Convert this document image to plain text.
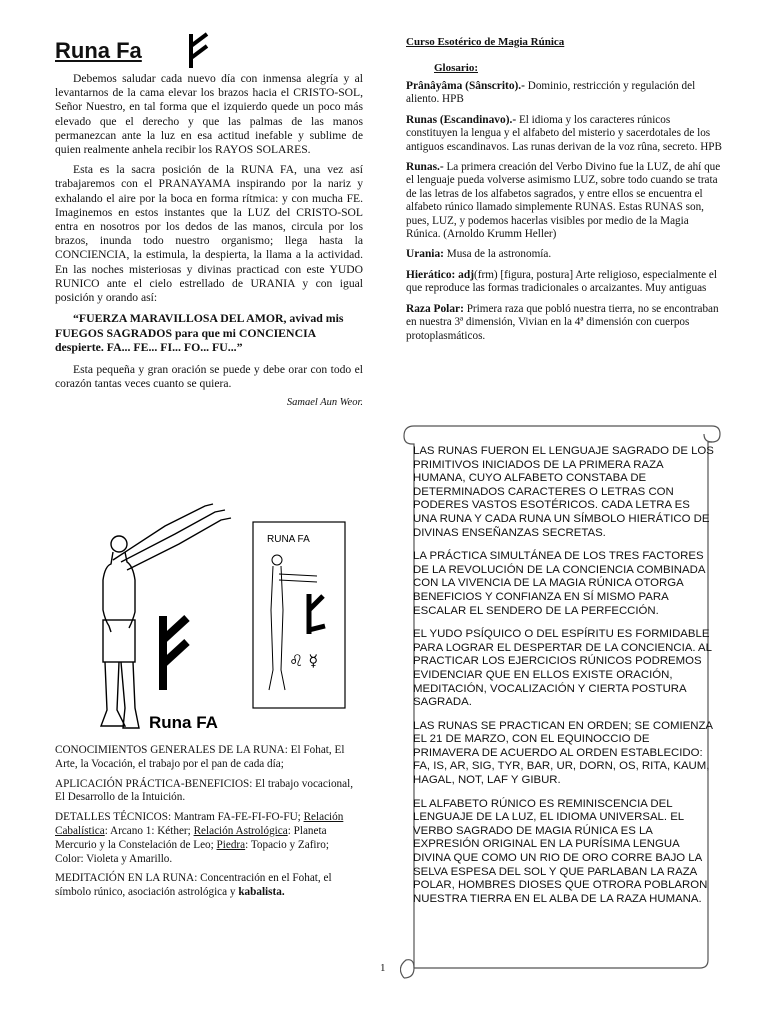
Runa Fa

Debemos saludar cada nuevo día con inmensa alegría y al levantarnos de la cama elevar los brazos hacia el CRISTO-SOL, Señor Nuestro, en tal forma que el izquierdo quede un poco más elevado que el derecho y que las palmas de las manos permanezcan ante la luz en esa actitud inefable y sublime de quien realmente anhela recibir los RAYOS SOLARES.

Esta es la sacra posición de la RUNA FA, una vez así trabajaremos con el PRANAYAMA inspirando por la nariz y exhalando el aire por la boca en forma rítmica: y con mucha FE. Imaginemos en estos instantes que la LUZ del CRISTO-SOL entra en nosotros por los dedos de las manos, circula por los brazos, inunda todo nuestro organismo; llega hasta la CONCIENCIA, la estimula, la despierta, la llama a la actividad. En las noches misteriosas y divinas practicad con este YUDO RUNICO ante el cielo estrellado de URANIA y con igual posición y orando así:

“FUERZA MARAVILLOSA DEL AMOR, avivad mis FUEGOS SAGRADOS para que mi CONCIENCIA despierte. FA... FE... FI... FO... FU...”

Esta pequeña y gran oración se puede y debe orar con todo el corazón tantas veces cuanto se quiera.

Samael Aun Weor.

Runa FA
RUNA FA
♌ ☿

CONOCIMIENTOS GENERALES DE LA RUNA: El Fohat, El Arte, la Vocación, el trabajo por el pan de cada día;

APLICACIÓN PRÁCTICA-BENEFICIOS: El trabajo vocacional, El Desarrollo de la Intuición.

DETALLES TÉCNICOS: Mantram FA-FE-FI-FO-FU; Relación Cabalística: Arcano 1: Kéther; Relación Astrológica: Planeta Mercurio y la Constelación de Leo; Piedra: Topacio y Zafiro; Color: Violeta y Amarillo.

MEDITACIÓN EN LA RUNA: Concentración en el Fohat, el símbolo rúnico, asociación astrológica y kabalista.

Curso Esotérico de Magia Rúnica

Glosario:

Prânâyâma (Sânscrito).- Dominio, restricción y regulación del aliento. HPB

Runas (Escandinavo).- El idioma y los caracteres rúnicos constituyen la lengua y el alfabeto del misterio y sacerdotales de los antiguos escandinavos. Las runas derivan de la voz rûna, secreto. HPB

Runas.- La primera creación del Verbo Divino fue la LUZ, de ahí que el lenguaje pueda volverse asimismo LUZ, sobre todo cuando se trata de las letras de los alfabetos sagrados, y entre ellos se encuentra el alfabeto rúnico llamado simplemente RUNAS. Estas RUNAS son, pues, LUZ, y podemos hacerlas visibles por medio de la Magia Rúnica. (Arnoldo Krumm Heller)

Urania: Musa de la astronomía.

Hierático: adj(frm) [figura, postura] Arte religioso, especialmente el que reproduce las formas tradicionales o arcaizantes. Muy antiguas

Raza Polar: Primera raza que pobló nuestra tierra, no se encontraban en nuestra 3ª dimensión, Vivian en la 4ª dimensión con cuerpos protoplasmáticos.

LAS RUNAS FUERON EL LENGUAJE SAGRADO DE LOS PRIMITIVOS INICIADOS DE LA PRIMERA RAZA HUMANA, CUYO ALFABETO CONSTABA DE DETERMINADOS CARACTERES O LETRAS CON PODERES VASTOS ESOTÉRICOS. CADA LETRA ES UNA RUNA Y CADA RUNA UN SÍMBOLO HIERÁTICO DE DIVINAS ENSEÑANZAS SECRETAS.

LA PRÁCTICA SIMULTÁNEA DE LOS TRES FACTORES DE LA REVOLUCIÓN DE LA CONCIENCIA COMBINADA CON LA VIVENCIA DE LA MAGIA RÚNICA OTORGA BENEFICIOS Y CONFIANZA EN SÍ MISMO PARA ESCALAR EL SENDERO DE LA PERFECCIÓN.

EL YUDO PSÍQUICO O DEL ESPÍRITU ES FORMIDABLE PARA LOGRAR EL DESPERTAR DE LA CONCIENCIA. AL PRACTICAR LOS EJERCICIOS RÚNICOS PODREMOS EVIDENCIAR QUE EN ELLOS EXISTE ORACIÓN, MEDITACIÓN, VOCALIZACIÓN Y CIERTA POSTURA SAGRADA.

LAS RUNAS SE PRACTICAN EN ORDEN; SE COMIENZA EL 21 DE MARZO, CON EL EQUINOCCIO DE PRIMAVERA DE ACUERDO AL ORDEN ESTABLECIDO: FA, IS, AR, SIG, TYR, BAR, UR, DORN, OS, RITA, KAUM, HAGAL, NOT, LAF Y GIBUR.

EL ALFABETO RÚNICO ES REMINISCENCIA DEL LENGUAJE DE LA LUZ, EL IDIOMA UNIVERSAL. EL VERBO SAGRADO DE MAGIA RÚNICA ES LA EXPRESIÓN ORIGINAL EN LA PURÍSIMA LENGUA DIVINA QUE COMO UN RIO DE ORO CORRE BAJO LA SELVA ESPESA DEL SOL Y QUE PARLABAN LA RAZA POLAR, HOMBRES DIOSES QUE OTRORA POBLARON NUESTRA TIERRA EN EL ALBA DE LA RAZA HUMANA.

1
